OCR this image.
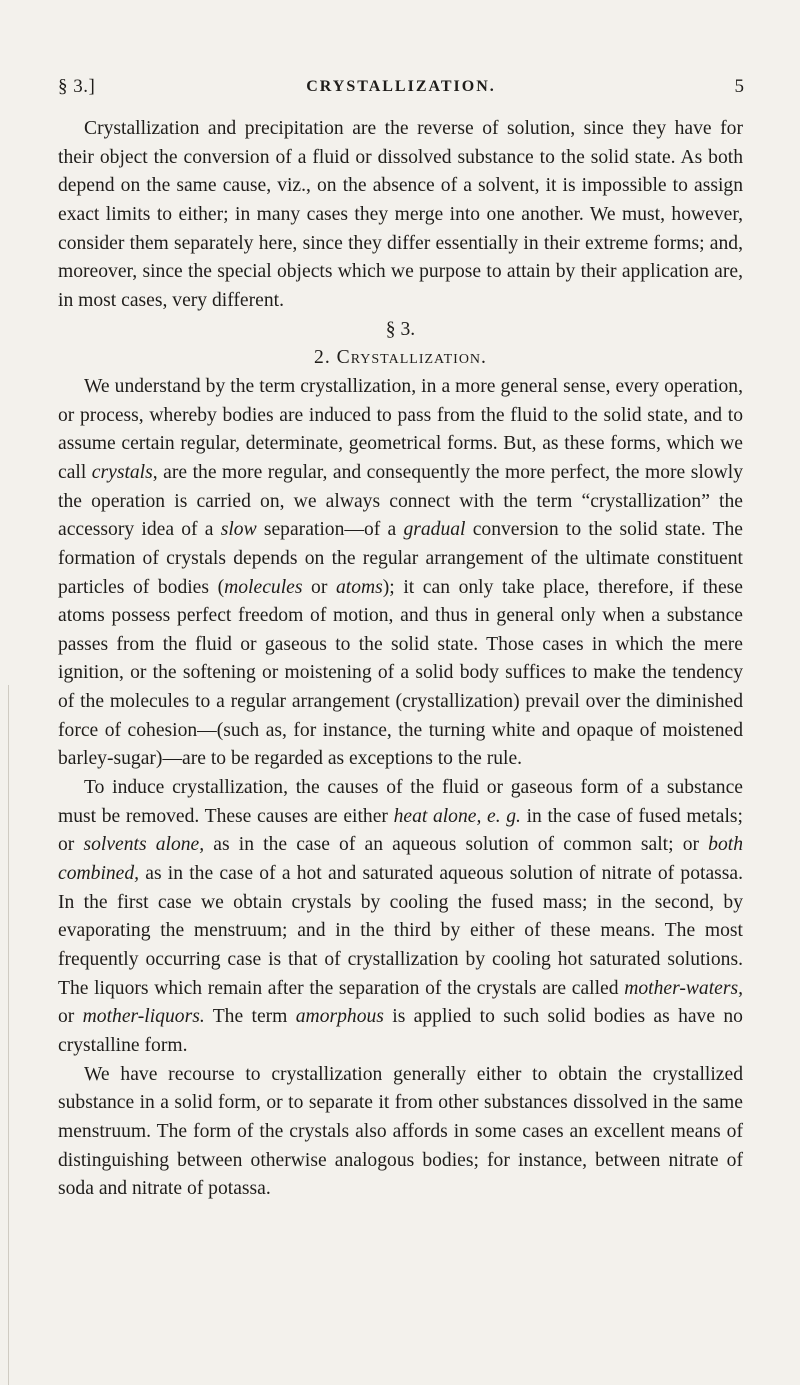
§ 3.]	CRYSTALLIZATION.	5

Crystallization and precipitation are the reverse of solution, since they have for their object the conversion of a fluid or dissolved substance to the solid state. As both depend on the same cause, viz., on the absence of a solvent, it is impossible to assign exact limits to either; in many cases they merge into one another. We must, however, consider them separately here, since they differ essentially in their extreme forms; and, moreover, since the special objects which we purpose to attain by their application are, in most cases, very different.

§ 3.

2. Crystallization.

We understand by the term crystallization, in a more general sense, every operation, or process, whereby bodies are induced to pass from the fluid to the solid state, and to assume certain regular, determinate, geometrical forms. But, as these forms, which we call crystals, are the more regular, and consequently the more perfect, the more slowly the operation is carried on, we always connect with the term “crystallization” the accessory idea of a slow separation—of a gradual conversion to the solid state. The formation of crystals depends on the regular arrangement of the ultimate constituent particles of bodies (molecules or atoms); it can only take place, therefore, if these atoms possess perfect freedom of motion, and thus in general only when a substance passes from the fluid or gaseous to the solid state. Those cases in which the mere ignition, or the softening or moistening of a solid body suffices to make the tendency of the molecules to a regular arrangement (crystallization) prevail over the diminished force of cohesion—(such as, for instance, the turning white and opaque of moistened barley-sugar)—are to be regarded as exceptions to the rule.

To induce crystallization, the causes of the fluid or gaseous form of a substance must be removed. These causes are either heat alone, e. g. in the case of fused metals; or solvents alone, as in the case of an aqueous solution of common salt; or both combined, as in the case of a hot and saturated aqueous solution of nitrate of potassa. In the first case we obtain crystals by cooling the fused mass; in the second, by evaporating the menstruum; and in the third by either of these means. The most frequently occurring case is that of crystallization by cooling hot saturated solutions. The liquors which remain after the separation of the crystals are called mother-waters, or mother-liquors. The term amorphous is applied to such solid bodies as have no crystalline form.

We have recourse to crystallization generally either to obtain the crystallized substance in a solid form, or to separate it from other substances dissolved in the same menstruum. The form of the crystals also affords in some cases an excellent means of distinguishing between otherwise analogous bodies; for instance, between nitrate of soda and nitrate of potassa.
